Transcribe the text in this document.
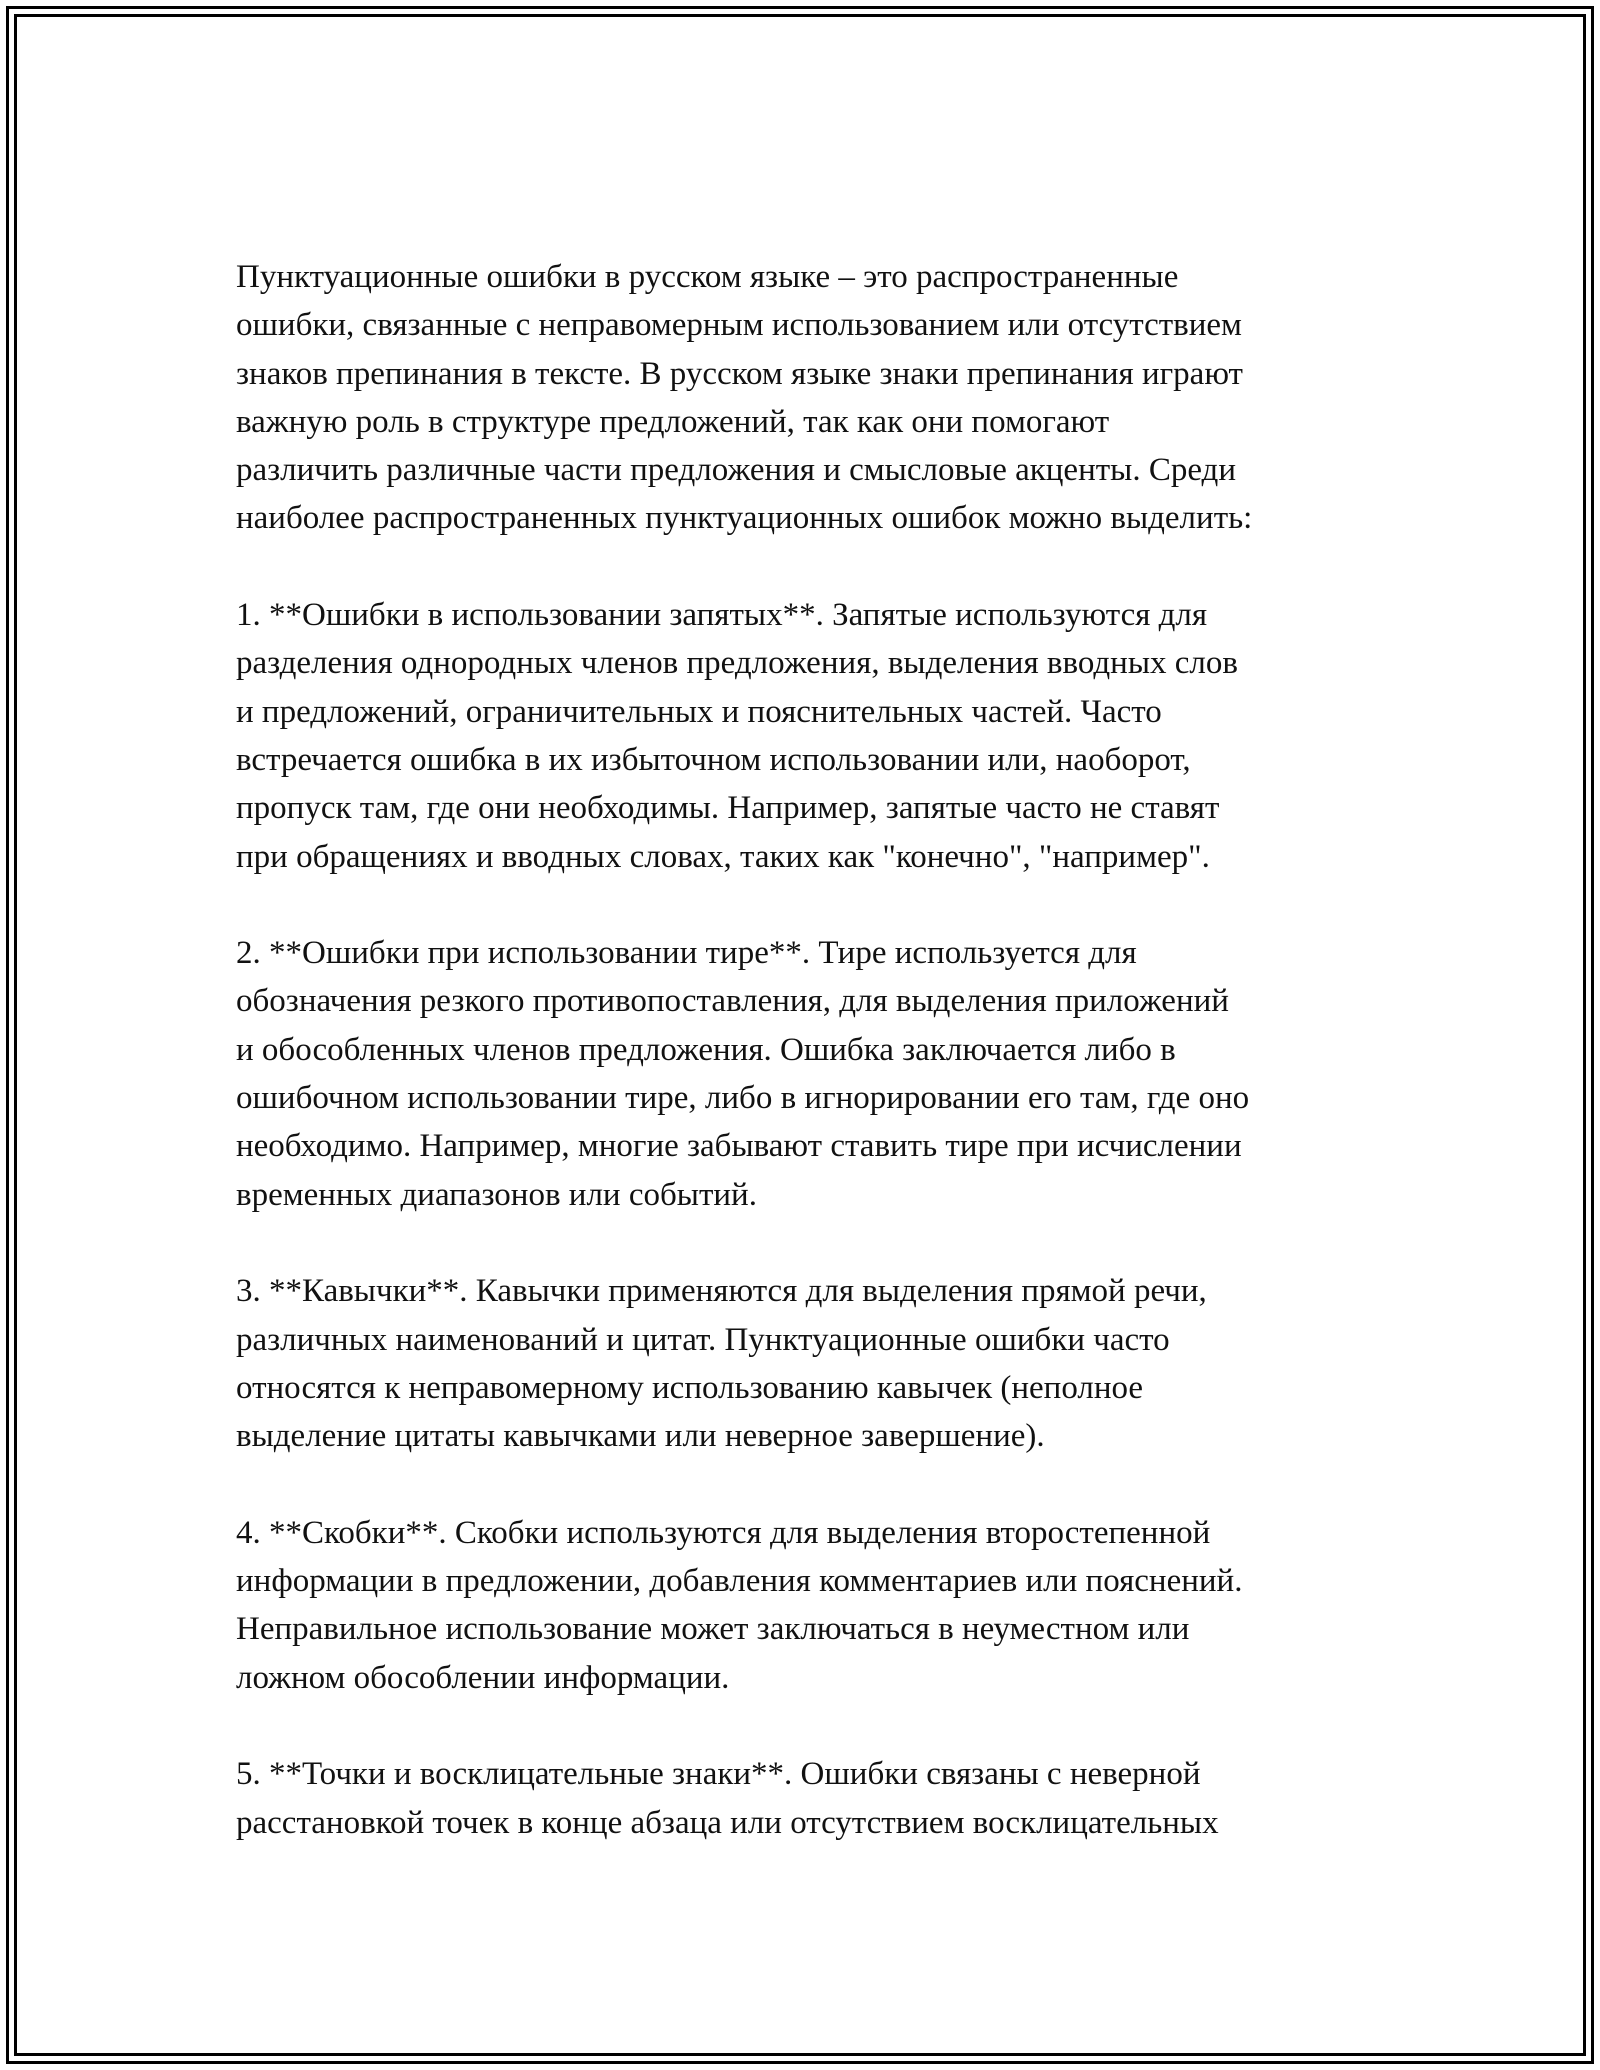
Пунктуационные ошибки в русском языке – это распространенные
ошибки, связанные с неправомерным использованием или отсутствием
знаков препинания в тексте. В русском языке знаки препинания играют
важную роль в структуре предложений, так как они помогают
различить различные части предложения и смысловые акценты. Среди
наиболее распространенных пунктуационных ошибок можно выделить:
1. **Ошибки в использовании запятых**. Запятые используются для
разделения однородных членов предложения, выделения вводных слов
и предложений, ограничительных и пояснительных частей. Часто
встречается ошибка в их избыточном использовании или, наоборот,
пропуск там, где они необходимы. Например, запятые часто не ставят
при обращениях и вводных словах, таких как "конечно", "например".
2. **Ошибки при использовании тире**. Тире используется для
обозначения резкого противопоставления, для выделения приложений
и обособленных членов предложения. Ошибка заключается либо в
ошибочном использовании тире, либо в игнорировании его там, где оно
необходимо. Например, многие забывают ставить тире при исчислении
временных диапазонов или событий.
3. **Кавычки**. Кавычки применяются для выделения прямой речи,
различных наименований и цитат. Пунктуационные ошибки часто
относятся к неправомерному использованию кавычек (неполное
выделение цитаты кавычками или неверное завершение).
4. **Скобки**. Скобки используются для выделения второстепенной
информации в предложении, добавления комментариев или пояснений.
Неправильное использование может заключаться в неуместном или
ложном обособлении информации.
5. **Точки и восклицательные знаки**. Ошибки связаны с неверной
расстановкой точек в конце абзаца или отсутствием восклицательных
